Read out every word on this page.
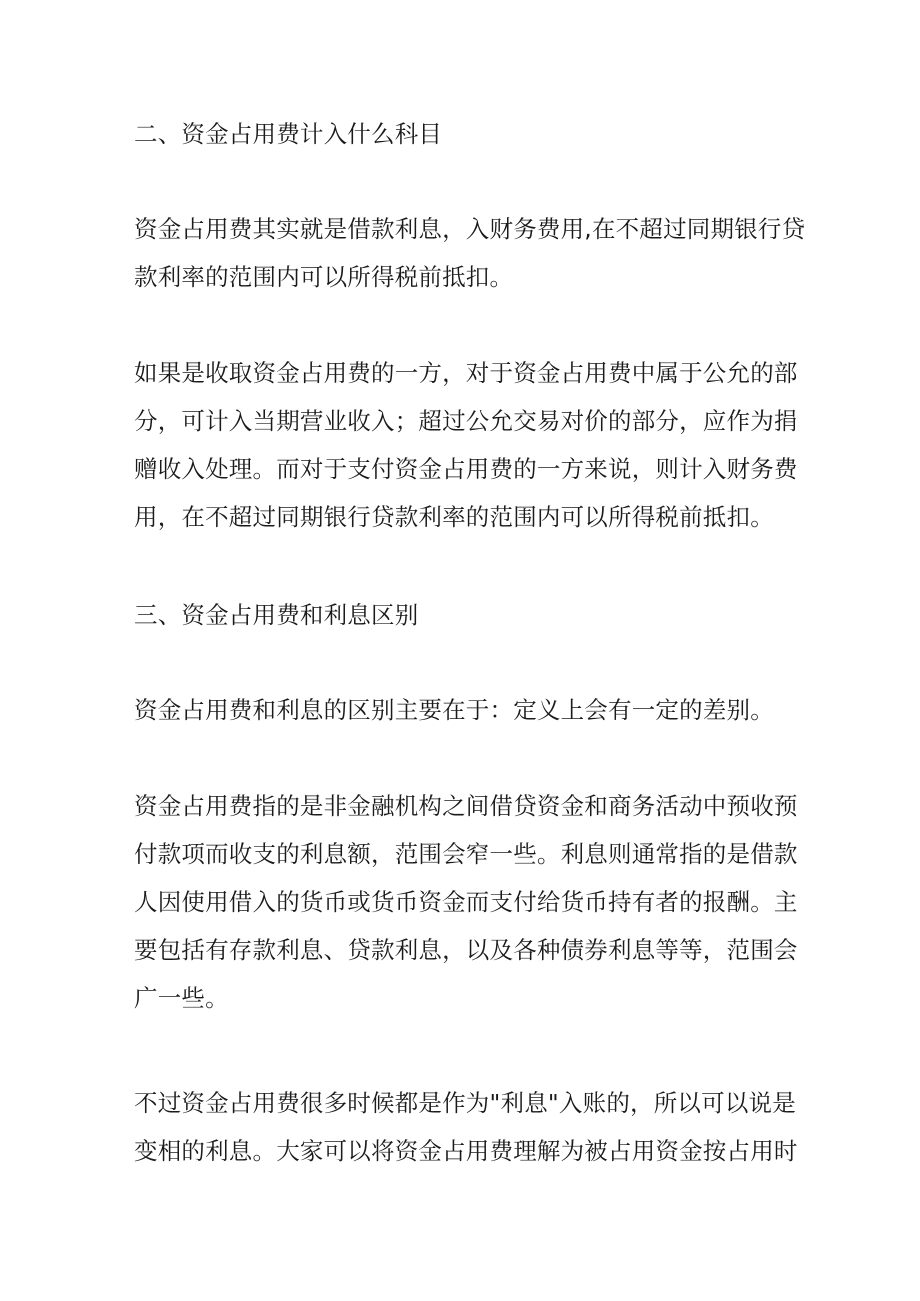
二、资金占用费计入什么科目
资金占用费其实就是借款利息，入财务费用,在不超过同期银行贷
款利率的范围内可以所得税前抵扣。
如果是收取资金占用费的一方，对于资金占用费中属于公允的部
分，可计入当期营业收入；超过公允交易对价的部分，应作为捐
赠收入处理。而对于支付资金占用费的一方来说，则计入财务费
用，在不超过同期银行贷款利率的范围内可以所得税前抵扣。
三、资金占用费和利息区别
资金占用费和利息的区别主要在于：定义上会有一定的差别。
资金占用费指的是非金融机构之间借贷资金和商务活动中预收预
付款项而收支的利息额，范围会窄一些。利息则通常指的是借款
人因使用借入的货币或货币资金而支付给货币持有者的报酬。主
要包括有存款利息、贷款利息，以及各种债券利息等等，范围会
广一些。
不过资金占用费很多时候都是作为"利息"入账的，所以可以说是
变相的利息。大家可以将资金占用费理解为被占用资金按占用时
